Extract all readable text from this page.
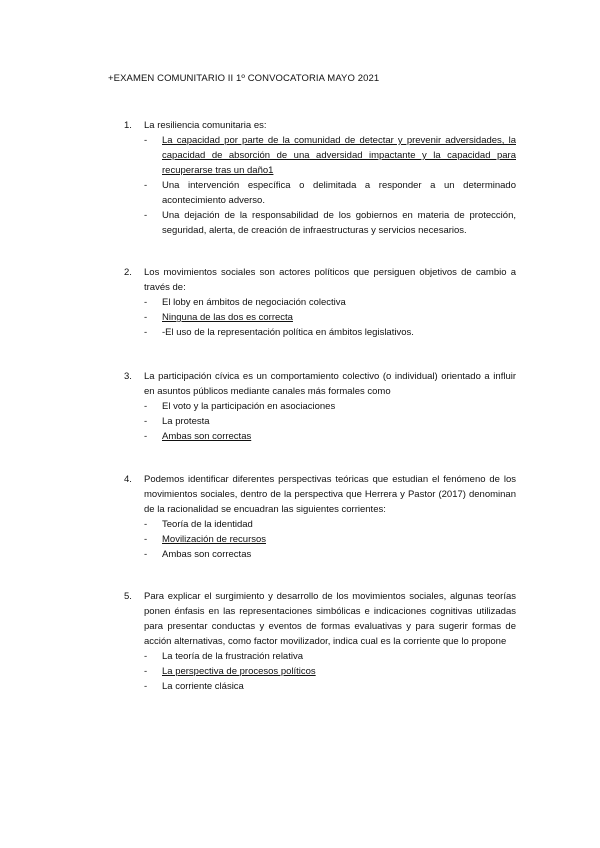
+EXAMEN COMUNITARIO II 1º CONVOCATORIA MAYO 2021
1.	La resiliencia comunitaria es:
- La capacidad por parte de la comunidad de detectar y prevenir adversidades, la capacidad de absorción de una adversidad impactante y la capacidad para recuperarse tras un daño1
- Una intervención específica o delimitada a responder a un determinado acontecimiento adverso.
- Una dejación de la responsabilidad de los gobiernos en materia de protección, seguridad, alerta, de creación de infraestructuras y servicios necesarios.
2.	Los movimientos sociales son actores políticos que persiguen objetivos de cambio a través de:
- El loby en ámbitos de negociación colectiva
- Ninguna de las dos es correcta
- -El uso de la representación política en ámbitos legislativos.
3.	La participación cívica es un comportamiento colectivo (o individual) orientado a influir en asuntos públicos mediante canales más formales como
- El voto y la participación en asociaciones
- La protesta
- Ambas son correctas
4.	Podemos identificar diferentes perspectivas teóricas que estudian el fenómeno de los movimientos sociales, dentro de la perspectiva que Herrera y Pastor (2017) denominan de la racionalidad se encuadran las siguientes corrientes:
- Teoría de la identidad
- Movilización de recursos
- Ambas son correctas
5.	Para explicar el surgimiento y desarrollo de los movimientos sociales, algunas teorías ponen énfasis en las representaciones simbólicas e indicaciones cognitivas utilizadas para presentar conductas y eventos de formas evaluativas y para sugerir formas de acción alternativas, como factor movilizador, indica cual es la corriente que lo propone
- La teoría de la frustración relativa
- La perspectiva de procesos políticos
- La corriente clásica
